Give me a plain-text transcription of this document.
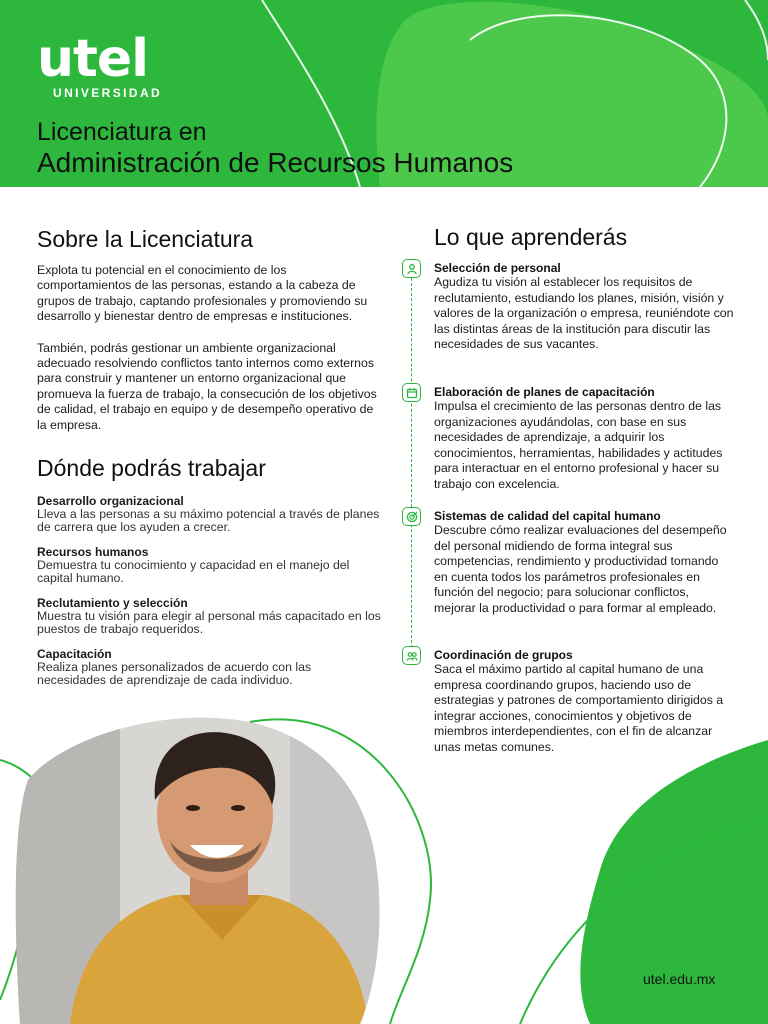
utel
UNIVERSIDAD
Licenciatura en
Administración de Recursos Humanos
Sobre la Licenciatura

Explota tu potencial en el conocimiento de los comportamientos de las personas, estando a la cabeza de grupos de trabajo, captando profesionales y promoviendo su desarrollo y bienestar dentro de empresas e instituciones.

También, podrás gestionar un ambiente organizacional adecuado resolviendo conflictos tanto internos como externos para construir y mantener un entorno organizacional que promueva la fuerza de trabajo, la consecución de los objetivos de calidad, el trabajo en equipo y de desempeño operativo de la empresa.

Dónde podrás trabajar
Desarrollo organizacional
Lleva a las personas a su máximo potencial a través de planes de carrera que los ayuden a crecer.
Recursos humanos
Demuestra tu conocimiento y capacidad en el manejo del capital humano.
Reclutamiento y selección
Muestra tu visión para elegir al personal más capacitado en los puestos de trabajo requeridos.
Capacitación
Realiza planes personalizados de acuerdo con las necesidades de aprendizaje de cada individuo.
Lo que aprenderás
Selección de personal
Agudiza tu visión al establecer los requisitos de reclutamiento, estudiando los planes, misión, visión y valores de la organización o empresa, reuniéndote con las distintas áreas de la institución para discutir las necesidades de sus vacantes.
Elaboración de planes de capacitación
Impulsa el crecimiento de las personas dentro de las organizaciones ayudándolas, con base en sus necesidades de aprendizaje, a adquirir los conocimientos, herramientas, habilidades y actitudes para interactuar en el entorno profesional y hacer su trabajo con excelencia.
Sistemas de calidad del capital humano
Descubre cómo realizar evaluaciones del desempeño del personal midiendo de forma integral sus competencias, rendimiento y productividad tomando en cuenta todos los parámetros profesionales en función del negocio; para solucionar conflictos, mejorar la productividad o para formar al empleado.
Coordinación de grupos
Saca el máximo partido al capital humano de una empresa coordinando grupos, haciendo uso de estrategias y patrones de comportamiento dirigidos a integrar acciones, conocimientos y objetivos de miembros interdependientes, con el fin de alcanzar unas metas comunes.
utel.edu.mx
